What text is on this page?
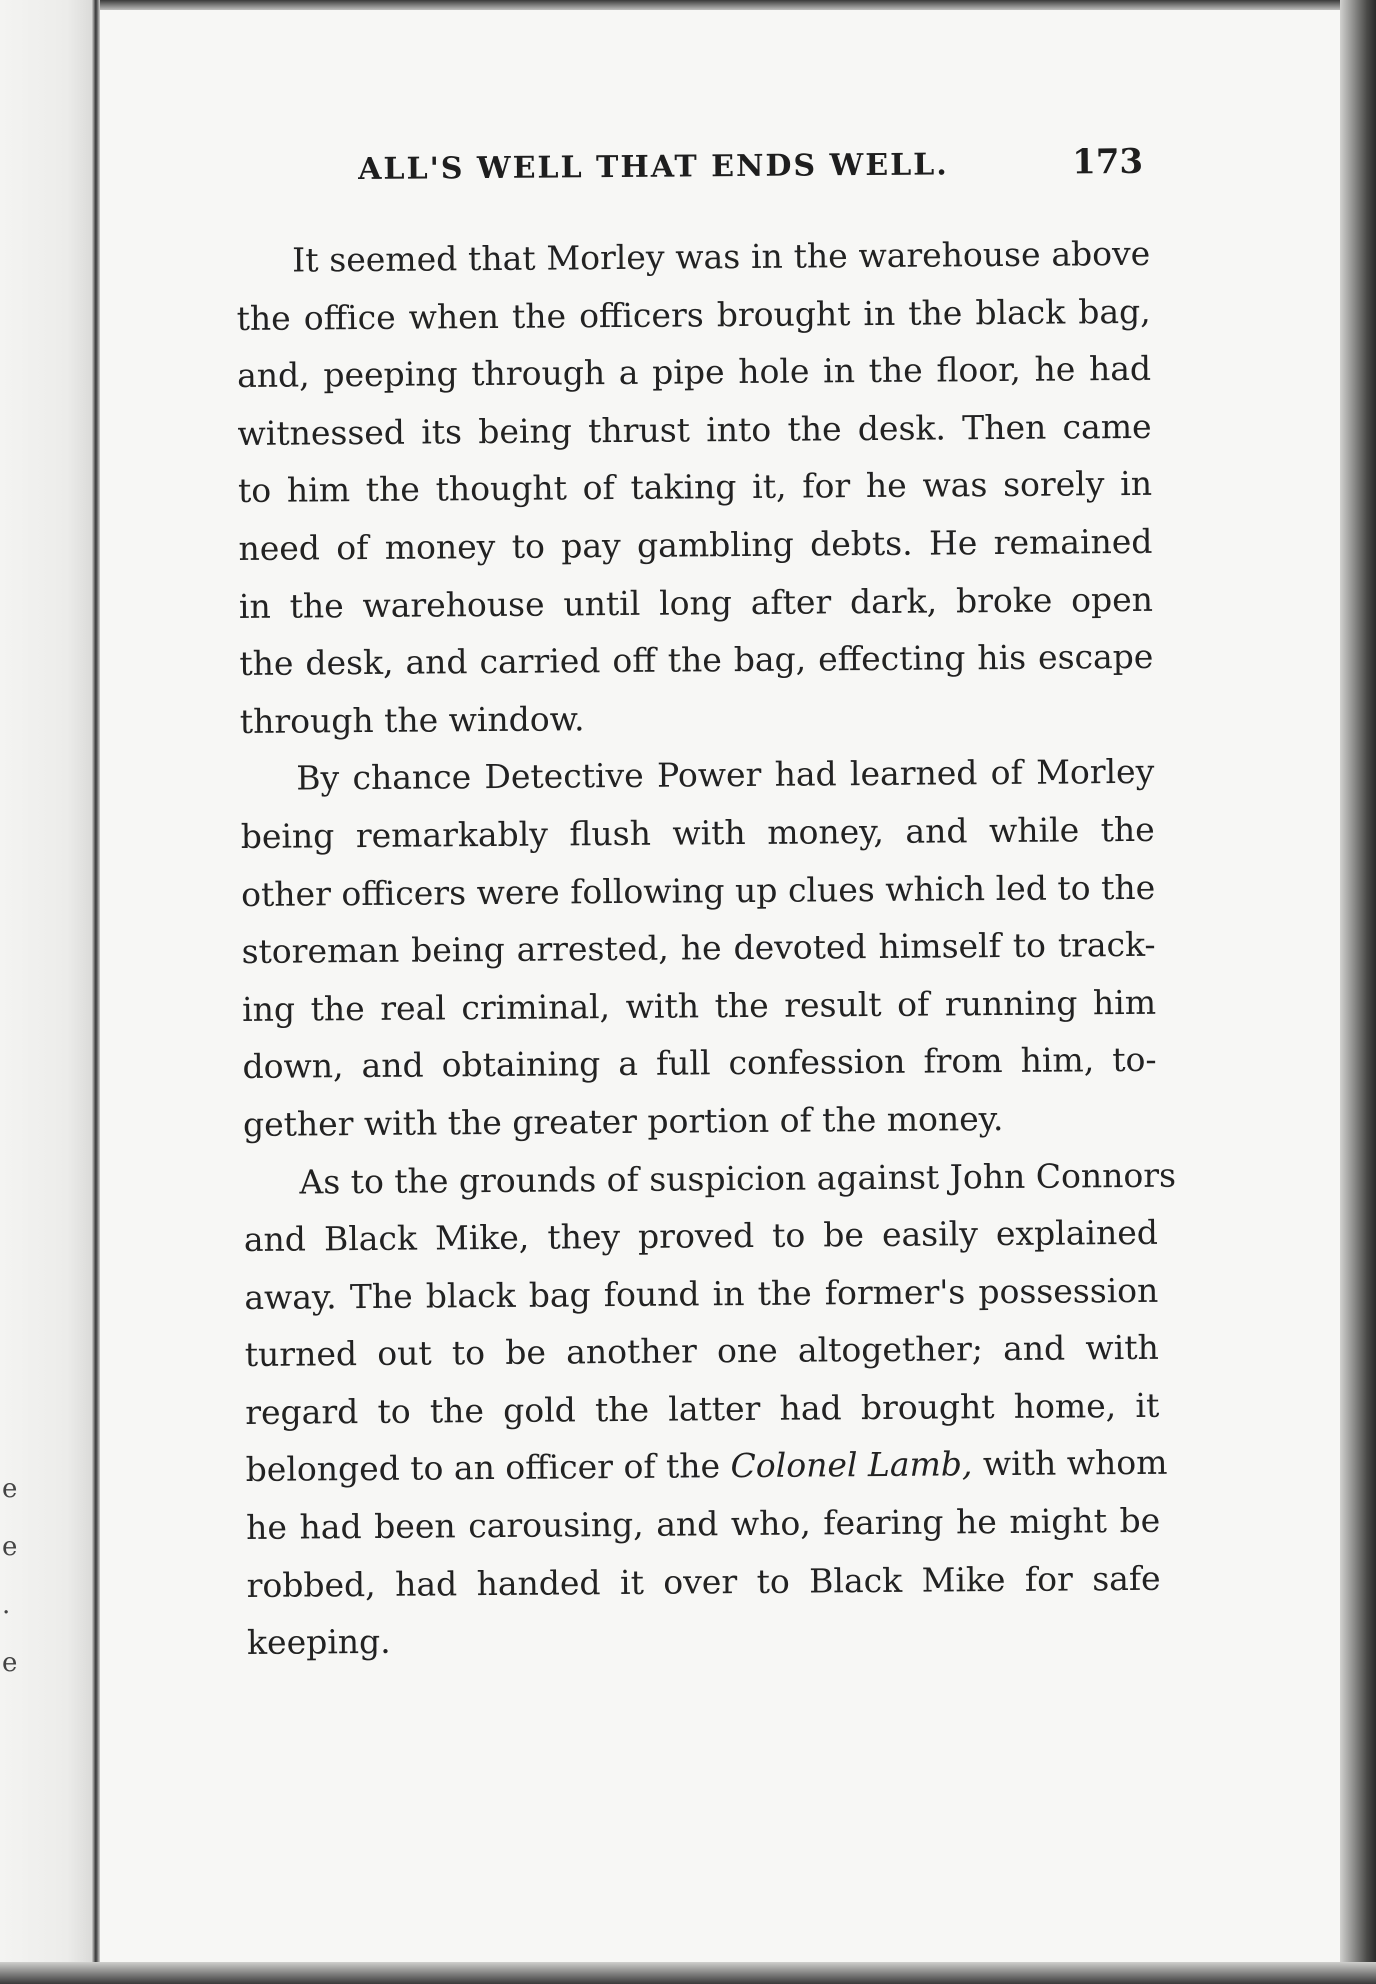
e
e
.
e
ALL'S WELL THAT ENDS WELL.	173
It seemed that Morley was in the warehouse above
the office when the officers brought in the black bag,
and, peeping through a pipe hole in the floor, he had
witnessed its being thrust into the desk. Then came
to him the thought of taking it, for he was sorely in
need of money to pay gambling debts. He remained
in the warehouse until long after dark, broke open
the desk, and carried off the bag, effecting his escape
through the window.
By chance Detective Power had learned of Morley
being remarkably flush with money, and while the
other officers were following up clues which led to the
storeman being arrested, he devoted himself to track-
ing the real criminal, with the result of running him
down, and obtaining a full confession from him, to-
gether with the greater portion of the money.
As to the grounds of suspicion against John Connors
and Black Mike, they proved to be easily explained
away. The black bag found in the former's possession
turned out to be another one altogether; and with
regard to the gold the latter had brought home, it
belonged to an officer of the Colonel Lamb, with whom
he had been carousing, and who, fearing he might be
robbed, had handed it over to Black Mike for safe
keeping.
